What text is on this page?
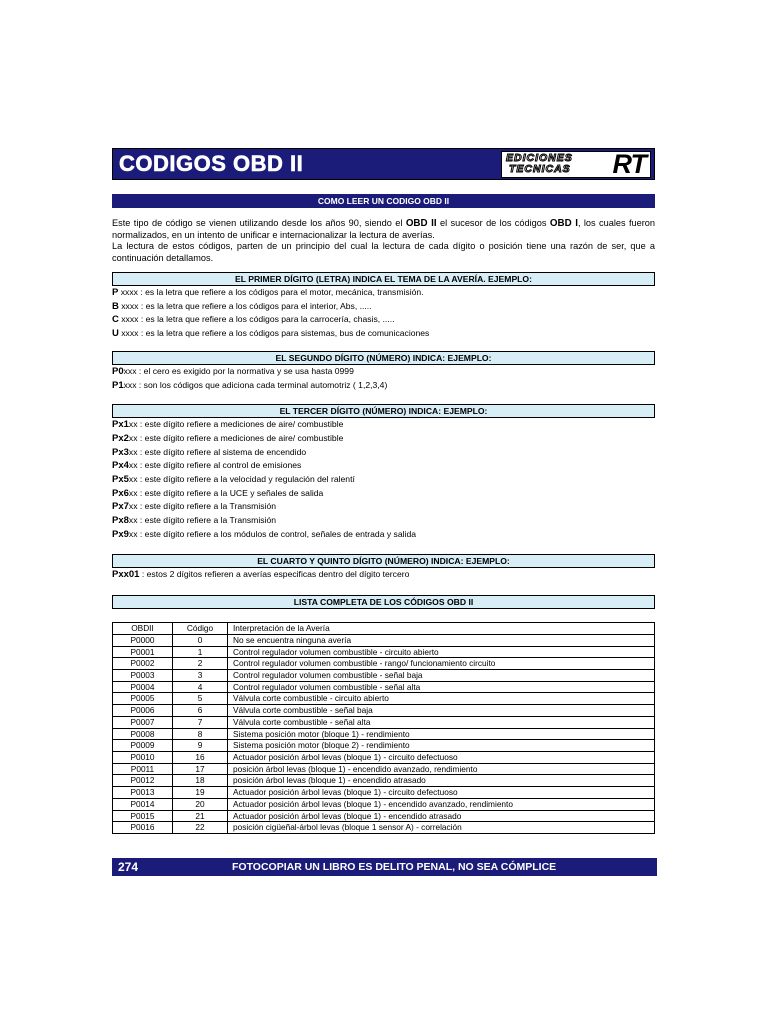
CODIGOS OBD II	EDICIONES
TECNICAS RT
COMO LEER UN CODIGO OBD II
Este tipo de código se vienen utilizando desde los años 90, siendo el OBD II el sucesor de los códigos OBD I, los cuales fueron normalizados, en un intento de unificar e internacionalizar la lectura de averías.
La lectura de estos códigos, parten de un principio del cual la lectura de cada dígito o posición tiene una razón de ser, que a continuación detallamos.
EL PRIMER DÍGITO (LETRA) INDICA EL TEMA DE LA AVERÍA. EJEMPLO:
P xxxx : es la letra que refiere a los códigos para el motor, mecánica, transmisión.
B xxxx : es la letra que refiere a los códigos para el interior, Abs, .....
C xxxx : es la letra que refiere a los códigos para la carrocería, chasis, .....
U xxxx : es la letra que refiere a los códigos para sistemas, bus de comunicaciones
EL SEGUNDO DÍGITO (NÚMERO) INDICA: EJEMPLO:
P0xxx : el cero es exigido por la normativa y se usa hasta 0999
P1xxx : son los códigos que adiciona cada terminal automotriz ( 1,2,3,4)
EL TERCER DÍGITO (NÚMERO) INDICA: EJEMPLO:
Px1xx : este dígito refiere a mediciones de aire/ combustible
Px2xx : este dígito refiere a mediciones de aire/ combustible
Px3xx : este dígito refiere al sistema de encendido
Px4xx : este dígito refiere al control de emisiones
Px5xx : este dígito refiere a la velocidad y regulación del ralentí
Px6xx : este dígito refiere a la UCE y señales de salida
Px7xx : este dígito refiere a la Transmisión
Px8xx : este dígito refiere a la Transmisión
Px9xx : este dígito refiere a los módulos de control, señales de entrada y salida
EL CUARTO Y QUINTO DÍGITO (NÚMERO) INDICA: EJEMPLO:
Pxx01 : estos 2 dígitos refieren a averías especificas dentro del dígito tercero
LISTA COMPLETA DE LOS CÓDIGOS OBD II
OBDII	Código	Interpretación de la Avería
P0000	0	No se encuentra ninguna avería
P0001	1	Control regulador volumen combustible - circuito abierto
P0002	2	Control regulador volumen combustible - rango/ funcionamiento circuito
P0003	3	Control regulador volumen combustible - señal baja
P0004	4	Control regulador volumen combustible - señal alta
P0005	5	Válvula corte combustible - circuito abierto
P0006	6	Válvula corte combustible - señal baja
P0007	7	Válvula corte combustible - señal alta
P0008	8	Sistema posición motor (bloque 1) - rendimiento
P0009	9	Sistema posición motor (bloque 2) - rendimiento
P0010	16	Actuador posición árbol levas (bloque 1) - circuito defectuoso
P0011	17	posición árbol levas (bloque 1) - encendido avanzado, rendimiento
P0012	18	posición árbol levas (bloque 1) - encendido atrasado
P0013	19	Actuador posición árbol levas (bloque 1) - circuito defectuoso
P0014	20	Actuador posición árbol levas (bloque 1) - encendido avanzado, rendimiento
P0015	21	Actuador posición árbol levas (bloque 1) - encendido atrasado
P0016	22	posición cigüeñal-árbol levas (bloque 1 sensor A) - correlación
274	FOTOCOPIAR UN LIBRO ES DELITO PENAL, NO SEA CÓMPLICE
